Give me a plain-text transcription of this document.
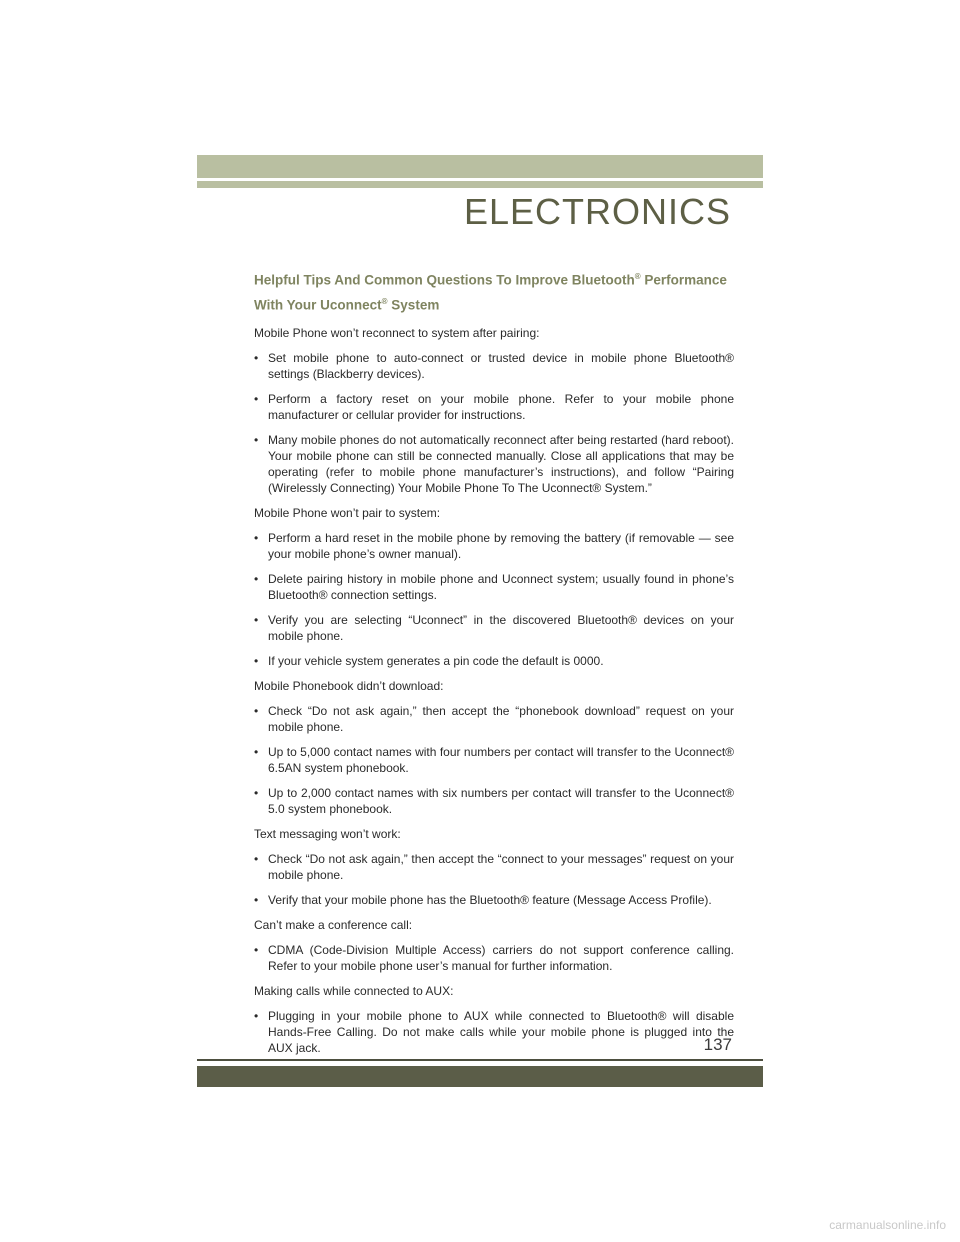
ELECTRONICS
Helpful Tips And Common Questions To Improve Bluetooth® Performance
With Your Uconnect® System

Mobile Phone won’t reconnect to system after pairing:

• Set mobile phone to auto-connect or trusted device in mobile phone Bluetooth® settings (Blackberry devices).
• Perform a factory reset on your mobile phone. Refer to your mobile phone manufacturer or cellular provider for instructions.
• Many mobile phones do not automatically reconnect after being restarted (hard reboot). Your mobile phone can still be connected manually. Close all applications that may be operating (refer to mobile phone manufacturer’s instructions), and follow “Pairing (Wirelessly Connecting) Your Mobile Phone To The Uconnect® System.”

Mobile Phone won’t pair to system:

• Perform a hard reset in the mobile phone by removing the battery (if removable — see your mobile phone’s owner manual).
• Delete pairing history in mobile phone and Uconnect system; usually found in phone’s Bluetooth® connection settings.
• Verify you are selecting “Uconnect” in the discovered Bluetooth® devices on your mobile phone.
• If your vehicle system generates a pin code the default is 0000.

Mobile Phonebook didn’t download:

• Check “Do not ask again,” then accept the “phonebook download” request on your mobile phone.
• Up to 5,000 contact names with four numbers per contact will transfer to the Uconnect® 6.5AN system phonebook.
• Up to 2,000 contact names with six numbers per contact will transfer to the Uconnect® 5.0 system phonebook.

Text messaging won’t work:

• Check “Do not ask again,” then accept the “connect to your messages” request on your mobile phone.
• Verify that your mobile phone has the Bluetooth® feature (Message Access Profile).

Can’t make a conference call:

• CDMA (Code-Division Multiple Access) carriers do not support conference calling. Refer to your mobile phone user’s manual for further information.

Making calls while connected to AUX:

• Plugging in your mobile phone to AUX while connected to Bluetooth® will disable Hands-Free Calling. Do not make calls while your mobile phone is plugged into the AUX jack.	137

carmanualsonline.info
